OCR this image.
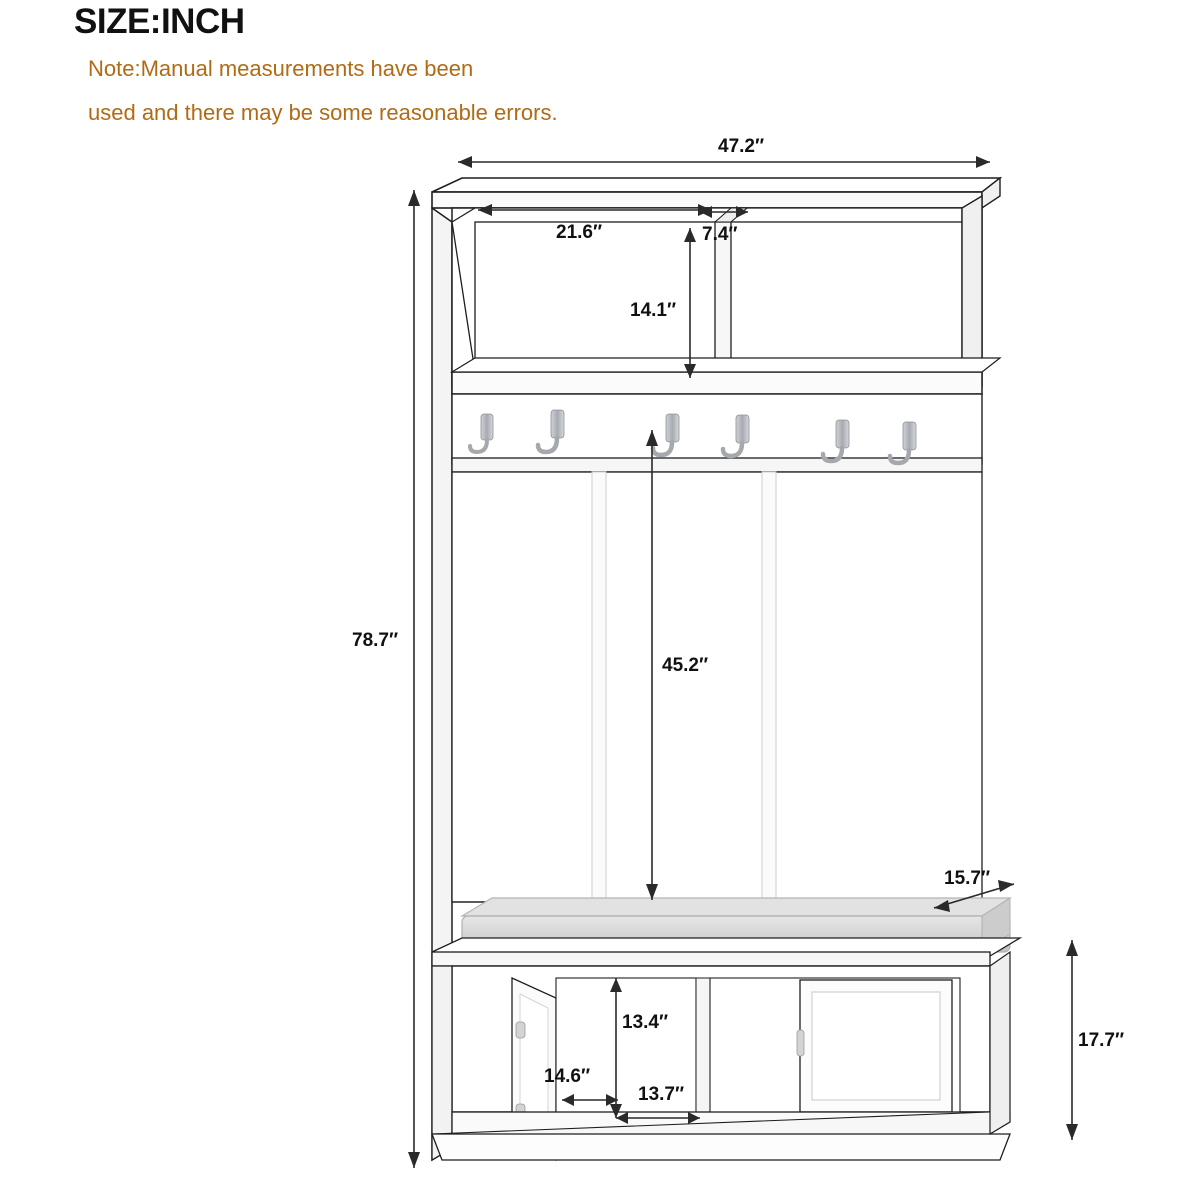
SIZE:INCH
Note:Manual measurements have been
used and there may be some reasonable errors.
47.2″
21.6″	7.4″
14.1″
78.7″
45.2″
15.7″
17.7″
13.4″
14.6″
13.7″
